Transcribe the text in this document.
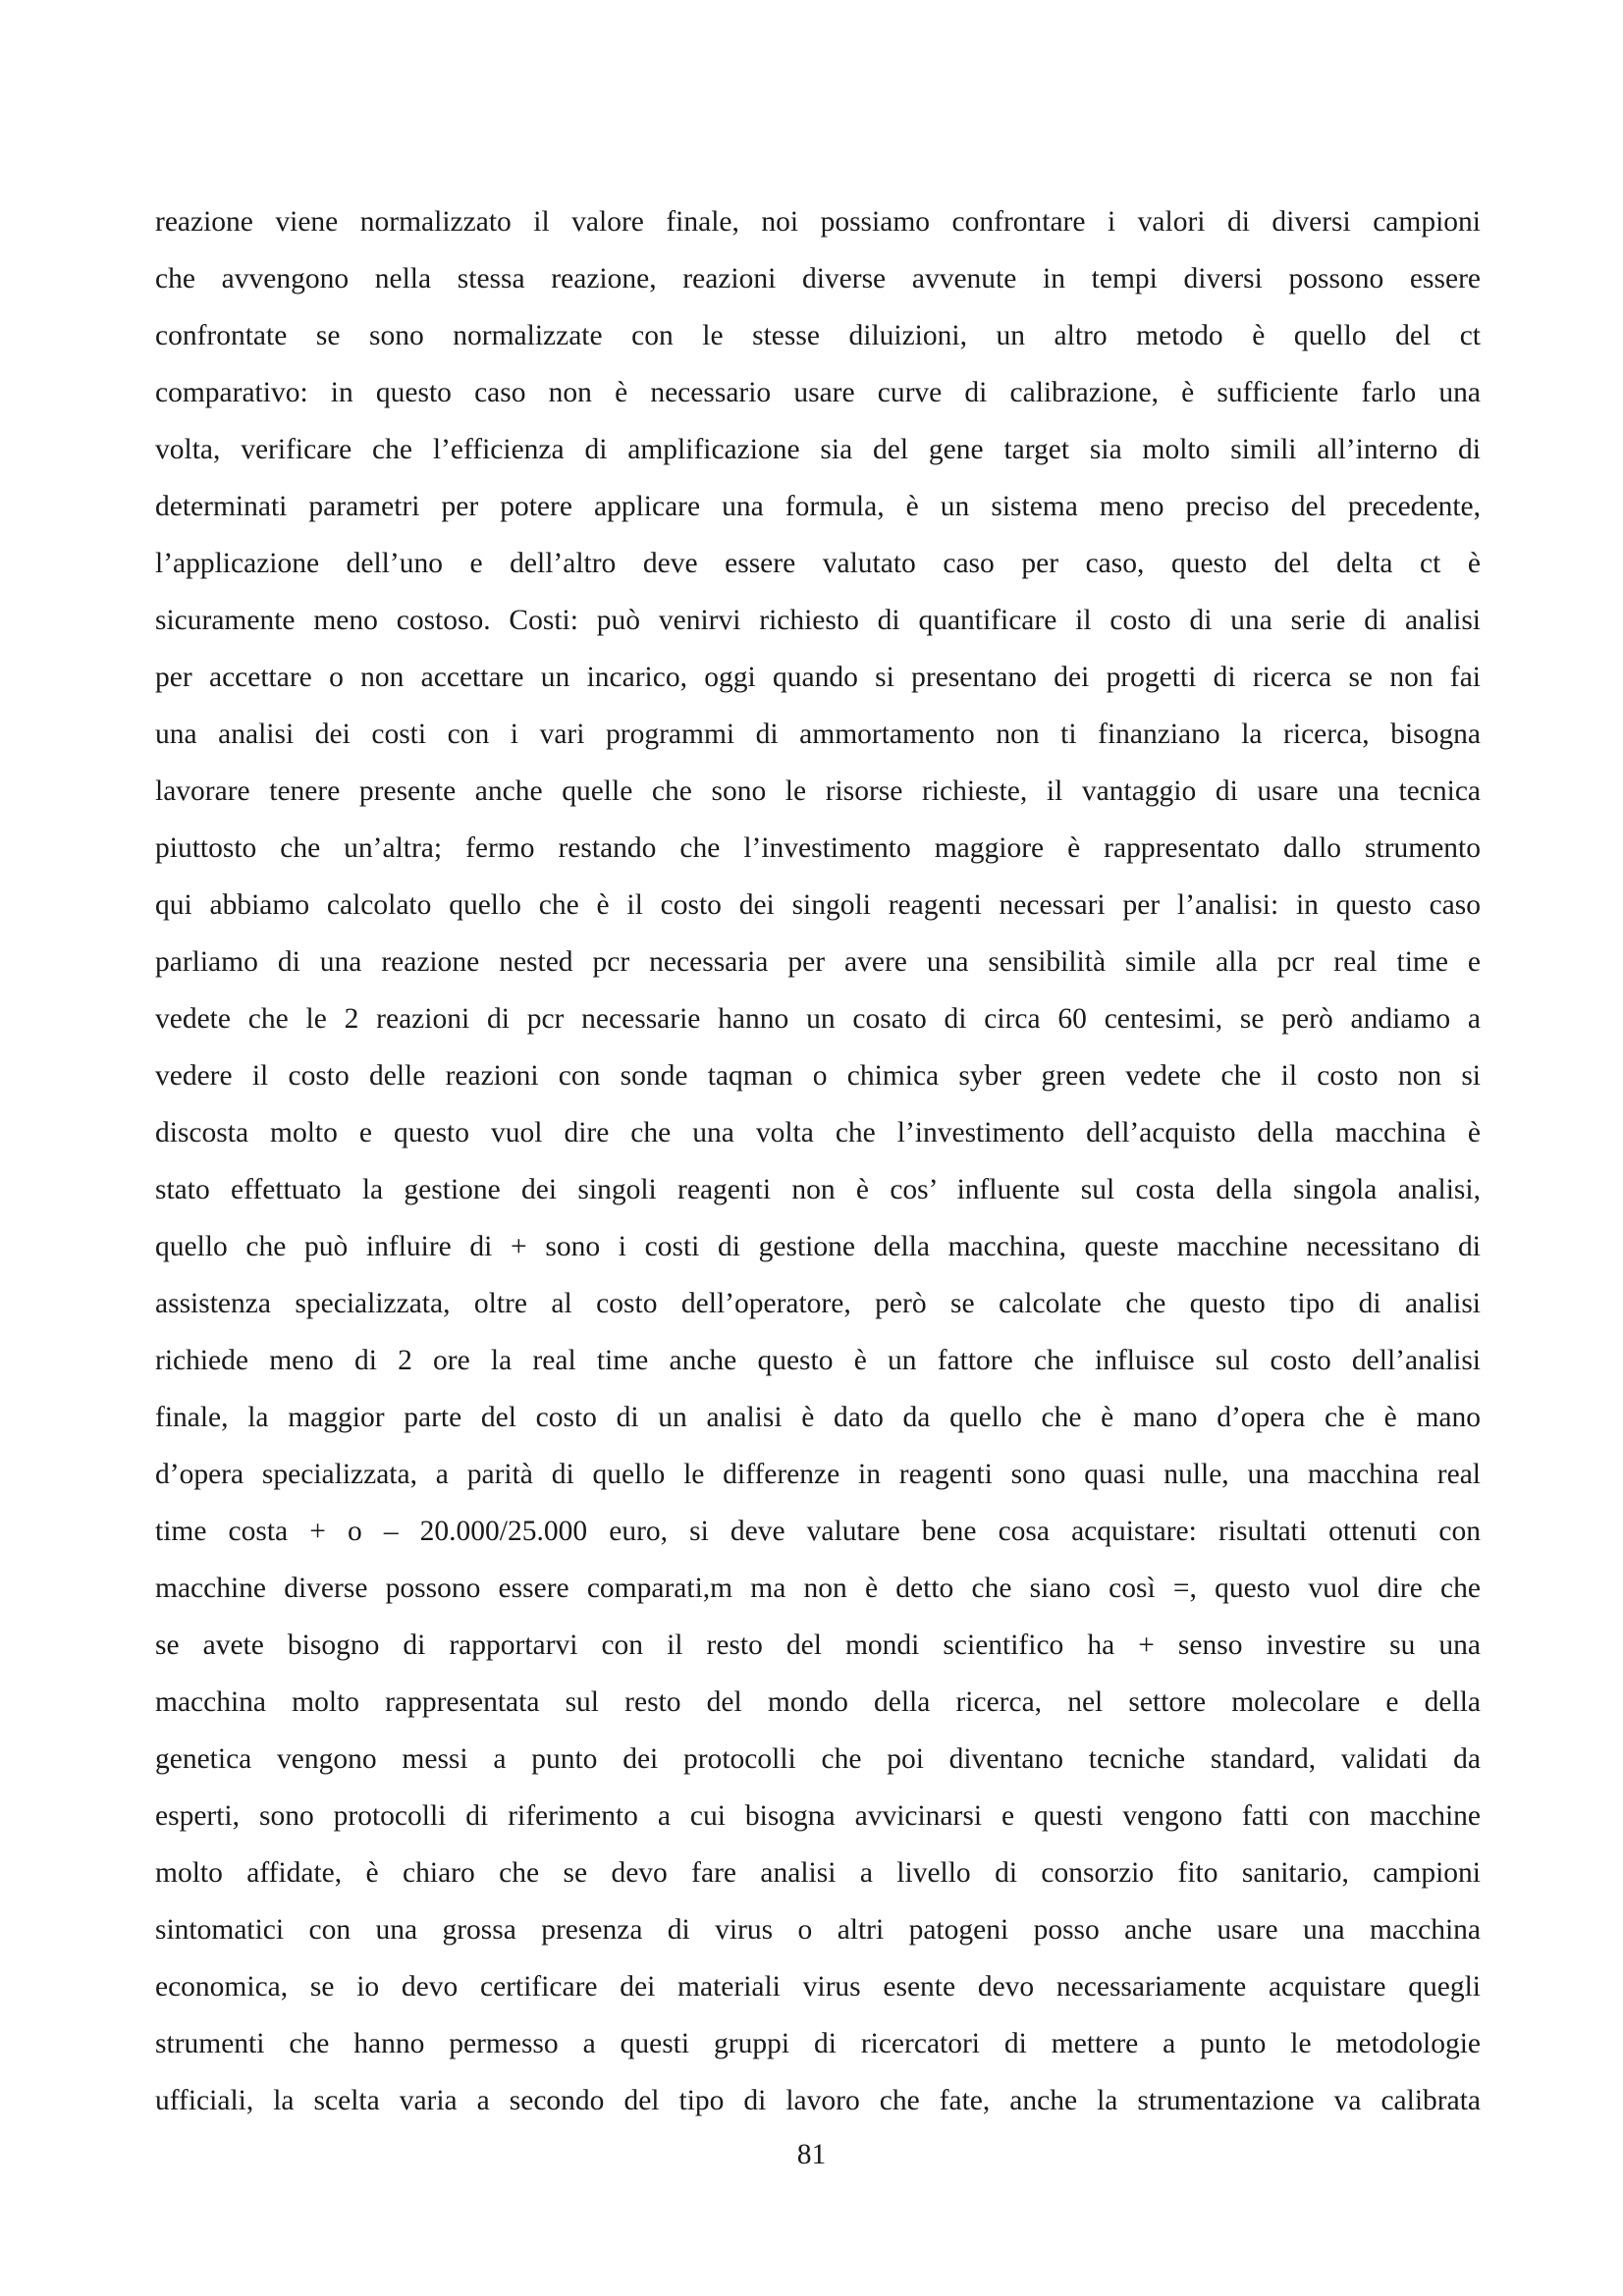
reazione viene normalizzato il valore finale, noi possiamo confrontare i valori di diversi campioni
che avvengono nella stessa reazione, reazioni diverse avvenute in tempi diversi possono essere
confrontate se sono normalizzate con le stesse diluizioni, un altro metodo è quello del ct
comparativo: in questo caso non è necessario usare curve di calibrazione, è sufficiente farlo una
volta, verificare che l’efficienza di amplificazione sia del gene target sia molto simili all’interno di
determinati parametri per potere applicare una formula, è un sistema meno preciso del precedente,
l’applicazione dell’uno e dell’altro deve essere valutato caso per caso, questo del delta ct è
sicuramente meno costoso. Costi: può venirvi richiesto di quantificare il costo di una serie di analisi
per accettare o non accettare un incarico, oggi quando si presentano dei progetti di ricerca se non fai
una analisi dei costi con i vari programmi di ammortamento non ti finanziano la ricerca, bisogna
lavorare tenere presente anche quelle che sono le risorse richieste, il vantaggio di usare una tecnica
piuttosto che un’altra; fermo restando che l’investimento maggiore è rappresentato dallo strumento
qui abbiamo calcolato quello che è il costo dei singoli reagenti necessari per l’analisi: in questo caso
parliamo di una reazione nested pcr necessaria per avere una sensibilità simile alla pcr real time e
vedete che le 2 reazioni di pcr necessarie hanno un cosato di circa 60 centesimi, se però andiamo a
vedere il costo delle reazioni con sonde taqman o chimica syber green vedete che il costo non si
discosta molto e questo vuol dire che una volta che l’investimento dell’acquisto della macchina è
stato effettuato la gestione dei singoli reagenti non è cos’ influente sul costa della singola analisi,
quello che può influire di + sono i costi di gestione della macchina, queste macchine necessitano di
assistenza specializzata, oltre al costo dell’operatore, però se calcolate che questo tipo di analisi
richiede meno di 2 ore la real time anche questo è un fattore che influisce sul costo dell’analisi
finale, la maggior parte del costo di un analisi è dato da quello che è mano d’opera che è mano
d’opera specializzata, a parità di quello le differenze in reagenti sono quasi nulle, una macchina real
time costa + o – 20.000/25.000 euro, si deve valutare bene cosa acquistare: risultati ottenuti con
macchine diverse possono essere comparati,m ma non è detto che siano così =, questo vuol dire che
se avete bisogno di rapportarvi con il resto del mondi scientifico ha + senso investire su una
macchina molto rappresentata sul resto del mondo della ricerca, nel settore molecolare e della
genetica vengono messi a punto dei protocolli che poi diventano tecniche standard, validati da
esperti, sono protocolli di riferimento a cui bisogna avvicinarsi e questi vengono fatti con macchine
molto affidate, è chiaro che se devo fare analisi a livello di consorzio fito sanitario, campioni
sintomatici con una grossa presenza di virus o altri patogeni posso anche usare una macchina
economica, se io devo certificare dei materiali virus esente devo necessariamente acquistare quegli
strumenti che hanno permesso a questi gruppi di ricercatori di mettere a punto le metodologie
ufficiali, la scelta varia a secondo del tipo di lavoro che fate, anche la strumentazione va calibrata
81
